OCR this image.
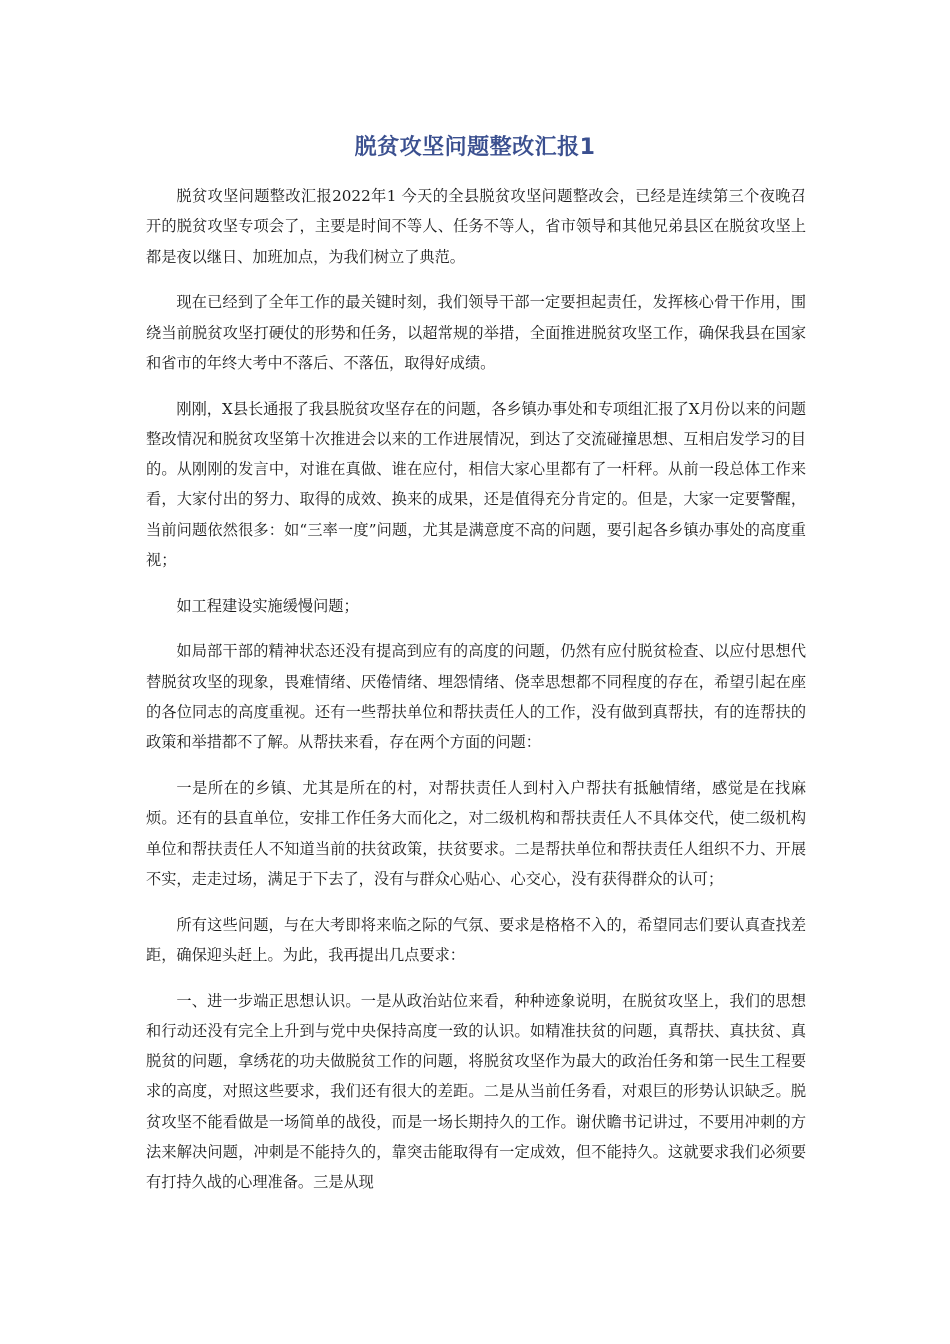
脱贫攻坚问题整改汇报1

脱贫攻坚问题整改汇报2022年1 今天的全县脱贫攻坚问题整改会，已经是连续第三个夜晚召开的脱贫攻坚专项会了，主要是时间不等人、任务不等人，省市领导和其他兄弟县区在脱贫攻坚上都是夜以继日、加班加点，为我们树立了典范。

现在已经到了全年工作的最关键时刻，我们领导干部一定要担起责任，发挥核心骨干作用，围绕当前脱贫攻坚打硬仗的形势和任务，以超常规的举措，全面推进脱贫攻坚工作，确保我县在国家和省市的年终大考中不落后、不落伍，取得好成绩。

刚刚，X县长通报了我县脱贫攻坚存在的问题，各乡镇办事处和专项组汇报了X月份以来的问题整改情况和脱贫攻坚第十次推进会以来的工作进展情况，到达了交流碰撞思想、互相启发学习的目的。从刚刚的发言中，对谁在真做、谁在应付，相信大家心里都有了一杆秤。从前一段总体工作来看，大家付出的努力、取得的成效、换来的成果，还是值得充分肯定的。但是，大家一定要警醒，当前问题依然很多：如“三率一度”问题，尤其是满意度不高的问题，要引起各乡镇办事处的高度重视；

如工程建设实施缓慢问题；

如局部干部的精神状态还没有提高到应有的高度的问题，仍然有应付脱贫检查、以应付思想代替脱贫攻坚的现象，畏难情绪、厌倦情绪、埋怨情绪、侥幸思想都不同程度的存在，希望引起在座的各位同志的高度重视。还有一些帮扶单位和帮扶责任人的工作，没有做到真帮扶，有的连帮扶的政策和举措都不了解。从帮扶来看，存在两个方面的问题：

一是所在的乡镇、尤其是所在的村，对帮扶责任人到村入户帮扶有抵触情绪，感觉是在找麻烦。还有的县直单位，安排工作任务大而化之，对二级机构和帮扶责任人不具体交代，使二级机构单位和帮扶责任人不知道当前的扶贫政策，扶贫要求。二是帮扶单位和帮扶责任人组织不力、开展不实，走走过场，满足于下去了，没有与群众心贴心、心交心，没有获得群众的认可；

所有这些问题，与在大考即将来临之际的气氛、要求是格格不入的，希望同志们要认真查找差距，确保迎头赶上。为此，我再提出几点要求：

一、进一步端正思想认识。一是从政治站位来看，种种迹象说明，在脱贫攻坚上，我们的思想和行动还没有完全上升到与党中央保持高度一致的认识。如精准扶贫的问题，真帮扶、真扶贫、真脱贫的问题，拿绣花的功夫做脱贫工作的问题，将脱贫攻坚作为最大的政治任务和第一民生工程要求的高度，对照这些要求，我们还有很大的差距。二是从当前任务看，对艰巨的形势认识缺乏。脱贫攻坚不能看做是一场简单的战役，而是一场长期持久的工作。谢伏瞻书记讲过，不要用冲刺的方法来解决问题，冲刺是不能持久的，靠突击能取得有一定成效，但不能持久。这就要求我们必须要有打持久战的心理准备。三是从现
